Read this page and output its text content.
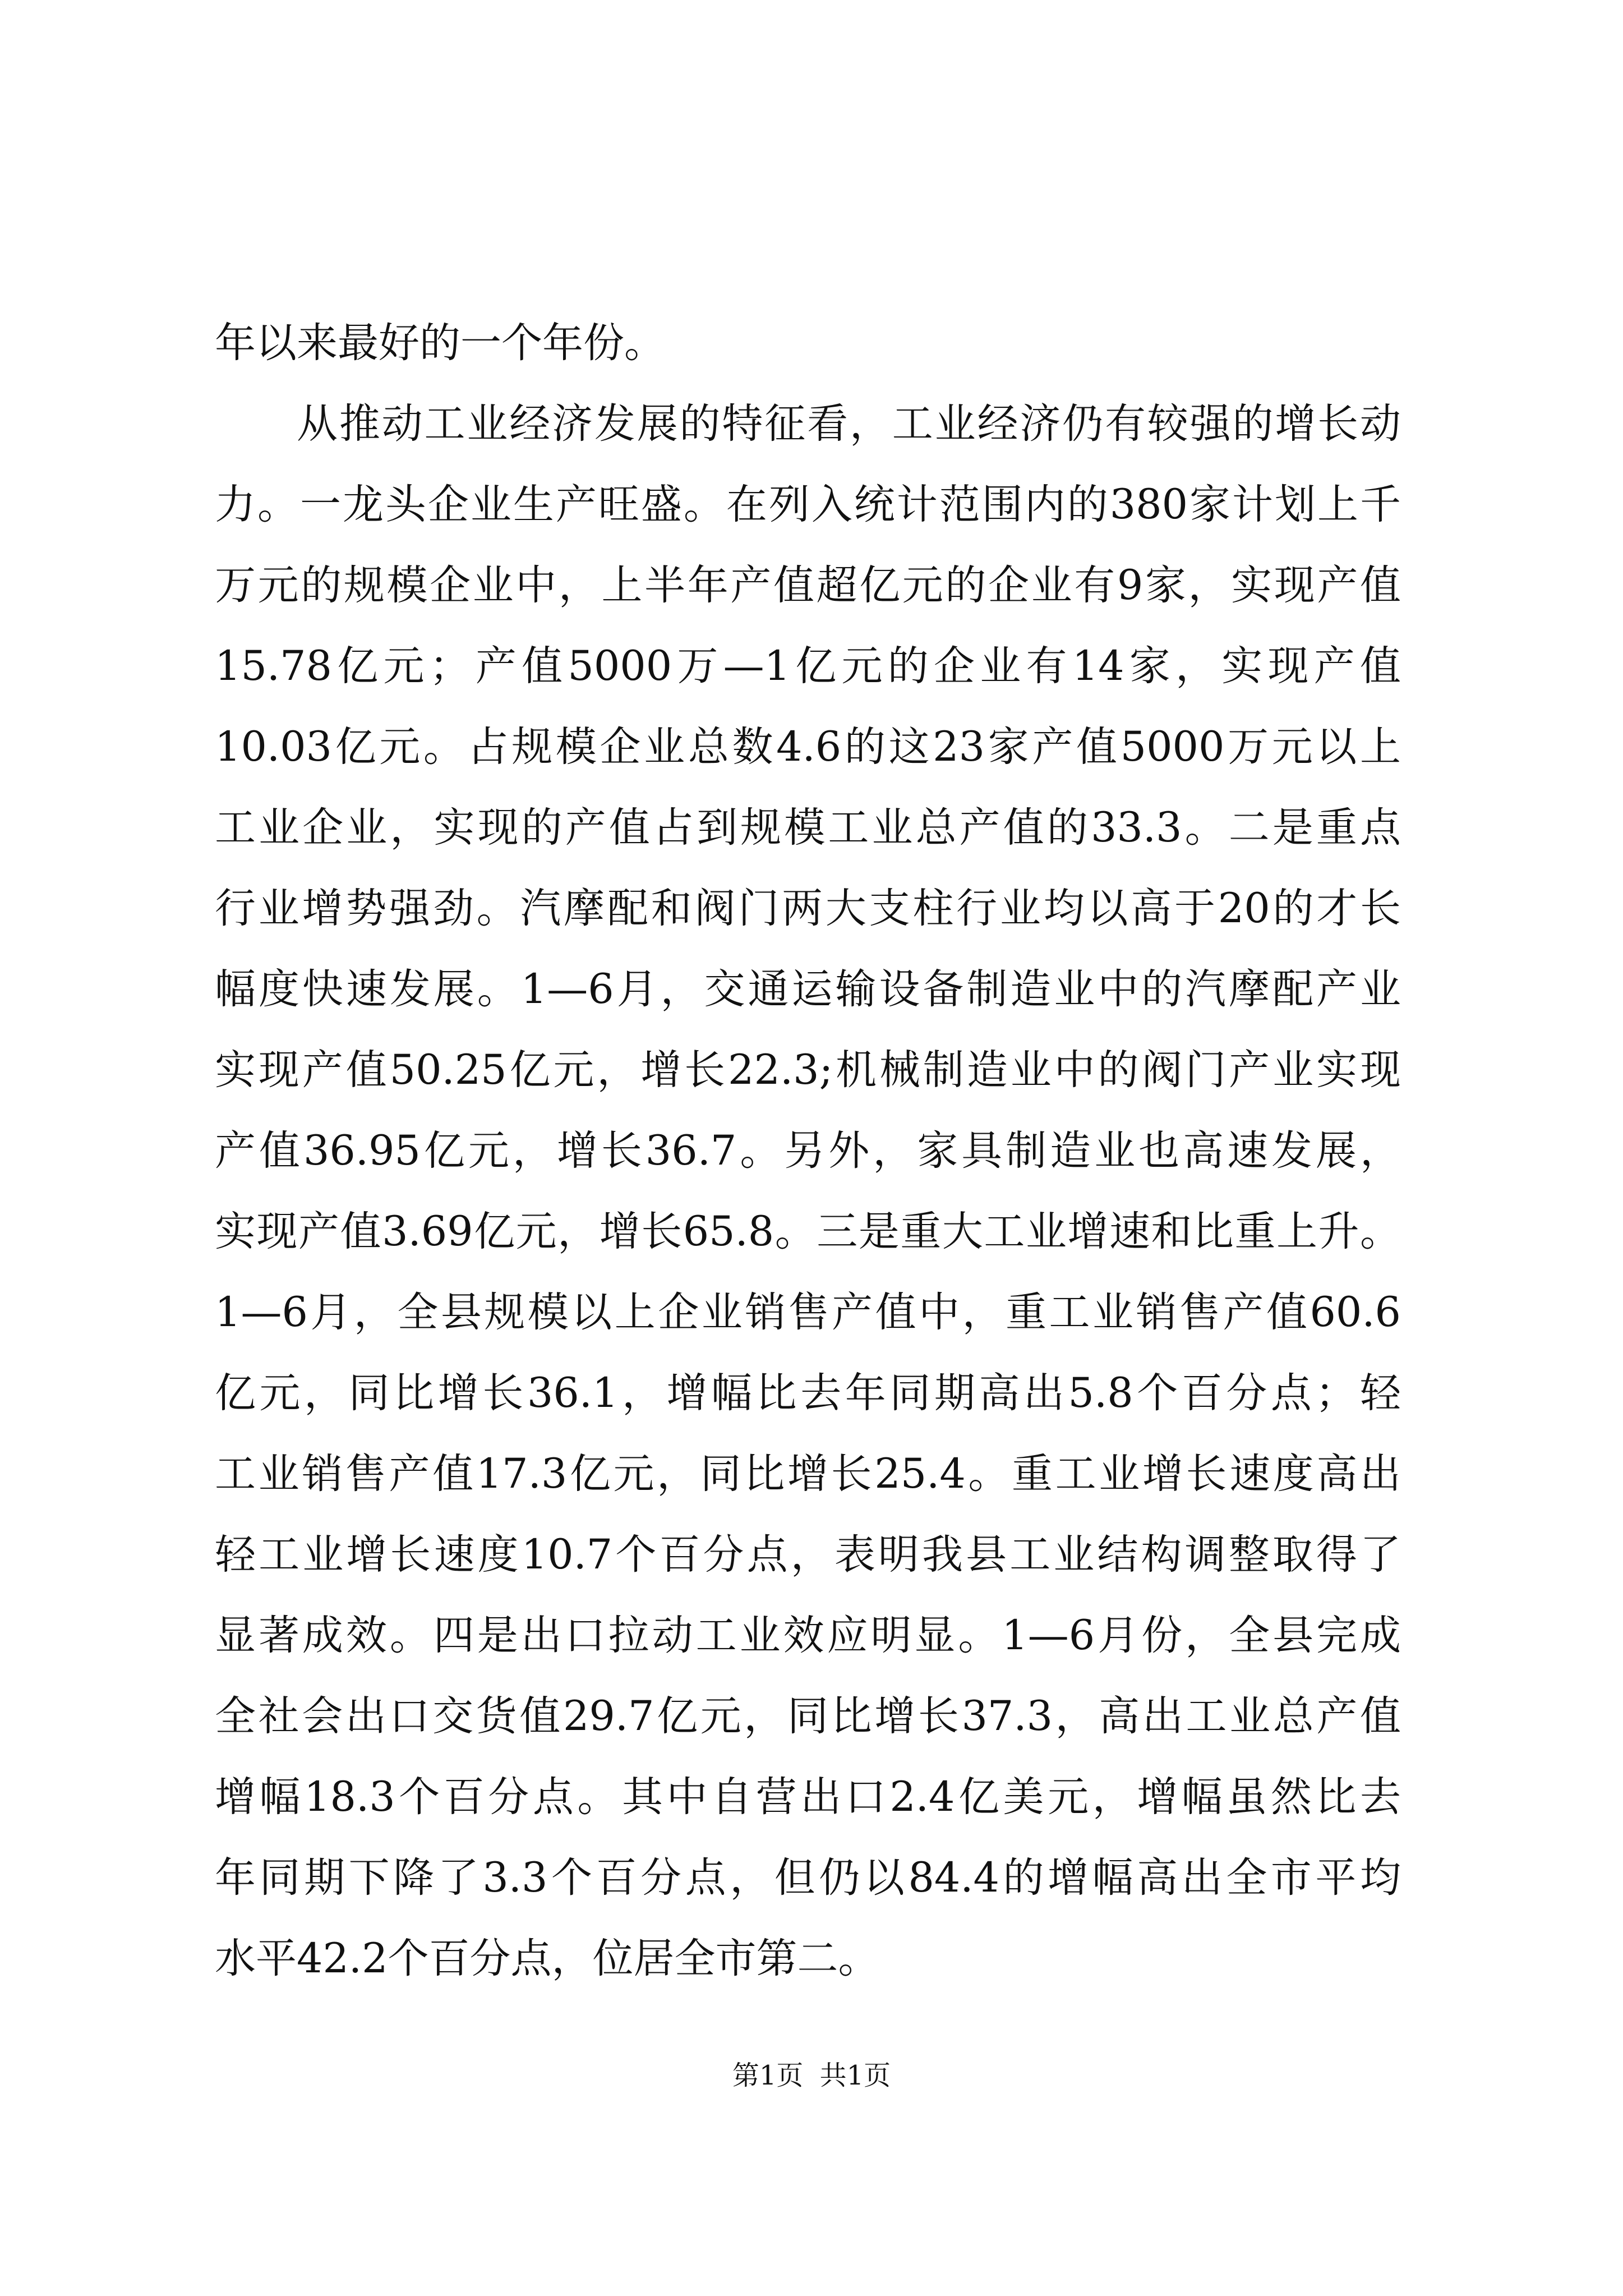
年以来最好的一个年份。
从推动工业经济发展的特征看，工业经济仍有较强的增长动
力。一龙头企业生产旺盛。在列入统计范围内的380家计划上千
万元的规模企业中，上半年产值超亿元的企业有9家，实现产值
15.78亿元；产值5000万—1亿元的企业有14家，实现产值
10.03亿元。占规模企业总数4.6的这23家产值5000万元以上
工业企业，实现的产值占到规模工业总产值的33.3。二是重点
行业增势强劲。汽摩配和阀门两大支柱行业均以高于20的才长
幅度快速发展。1—6月，交通运输设备制造业中的汽摩配产业
实现产值50.25亿元，增长22.3;机械制造业中的阀门产业实现
产值36.95亿元，增长36.7。另外，家具制造业也高速发展，
实现产值3.69亿元，增长65.8。三是重大工业增速和比重上升。
1—6月，全县规模以上企业销售产值中，重工业销售产值60.6
亿元，同比增长36.1，增幅比去年同期高出5.8个百分点；轻
工业销售产值17.3亿元，同比增长25.4。重工业增长速度高出
轻工业增长速度10.7个百分点，表明我县工业结构调整取得了
显著成效。四是出口拉动工业效应明显。1—6月份，全县完成
全社会出口交货值29.7亿元，同比增长37.3，高出工业总产值
增幅18.3个百分点。其中自营出口2.4亿美元，增幅虽然比去
年同期下降了3.3个百分点，但仍以84.4的增幅高出全市平均
水平42.2个百分点，位居全市第二。
第1页 共1页
